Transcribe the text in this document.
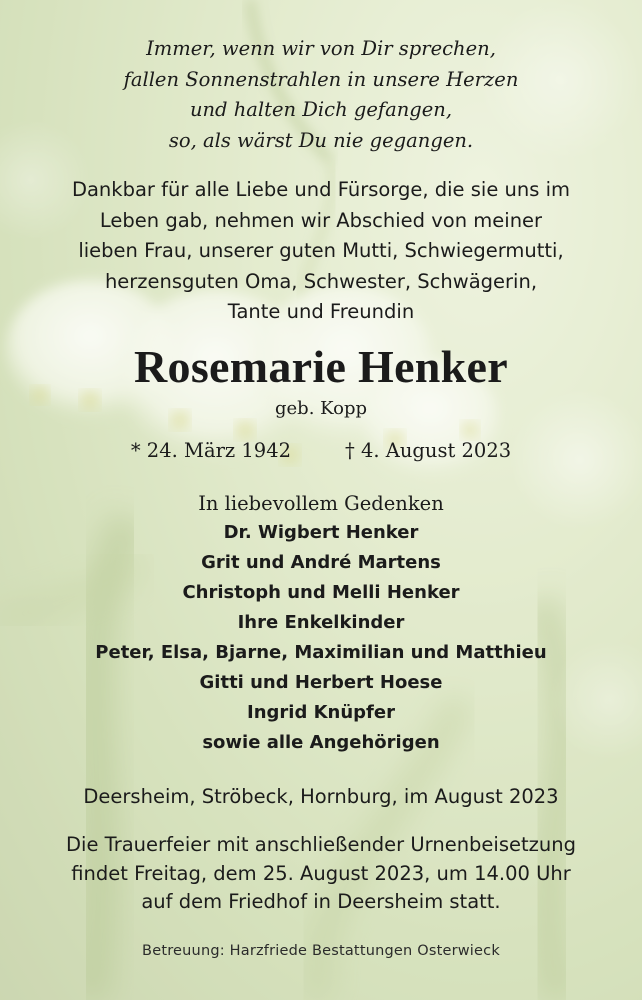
Immer, wenn wir von Dir sprechen,
fallen Sonnenstrahlen in unsere Herzen
und halten Dich gefangen,
so, als wärst Du nie gegangen.
Dankbar für alle Liebe und Fürsorge, die sie uns im
Leben gab, nehmen wir Abschied von meiner
lieben Frau, unserer guten Mutti, Schwiegermutti,
herzensguten Oma, Schwester, Schwägerin,
Tante und Freundin
Rosemarie Henker
geb. Kopp
* 24. März 1942	† 4. August 2023
In liebevollem Gedenken
Dr. Wigbert Henker
Grit und André Martens
Christoph und Melli Henker
Ihre Enkelkinder
Peter, Elsa, Bjarne, Maximilian und Matthieu
Gitti und Herbert Hoese
Ingrid Knüpfer
sowie alle Angehörigen
Deersheim, Ströbeck, Hornburg, im August 2023
Die Trauerfeier mit anschließender Urnenbeisetzung
findet Freitag, dem 25. August 2023, um 14.00 Uhr
auf dem Friedhof in Deersheim statt.
Betreuung: Harzfriede Bestattungen Osterwieck
